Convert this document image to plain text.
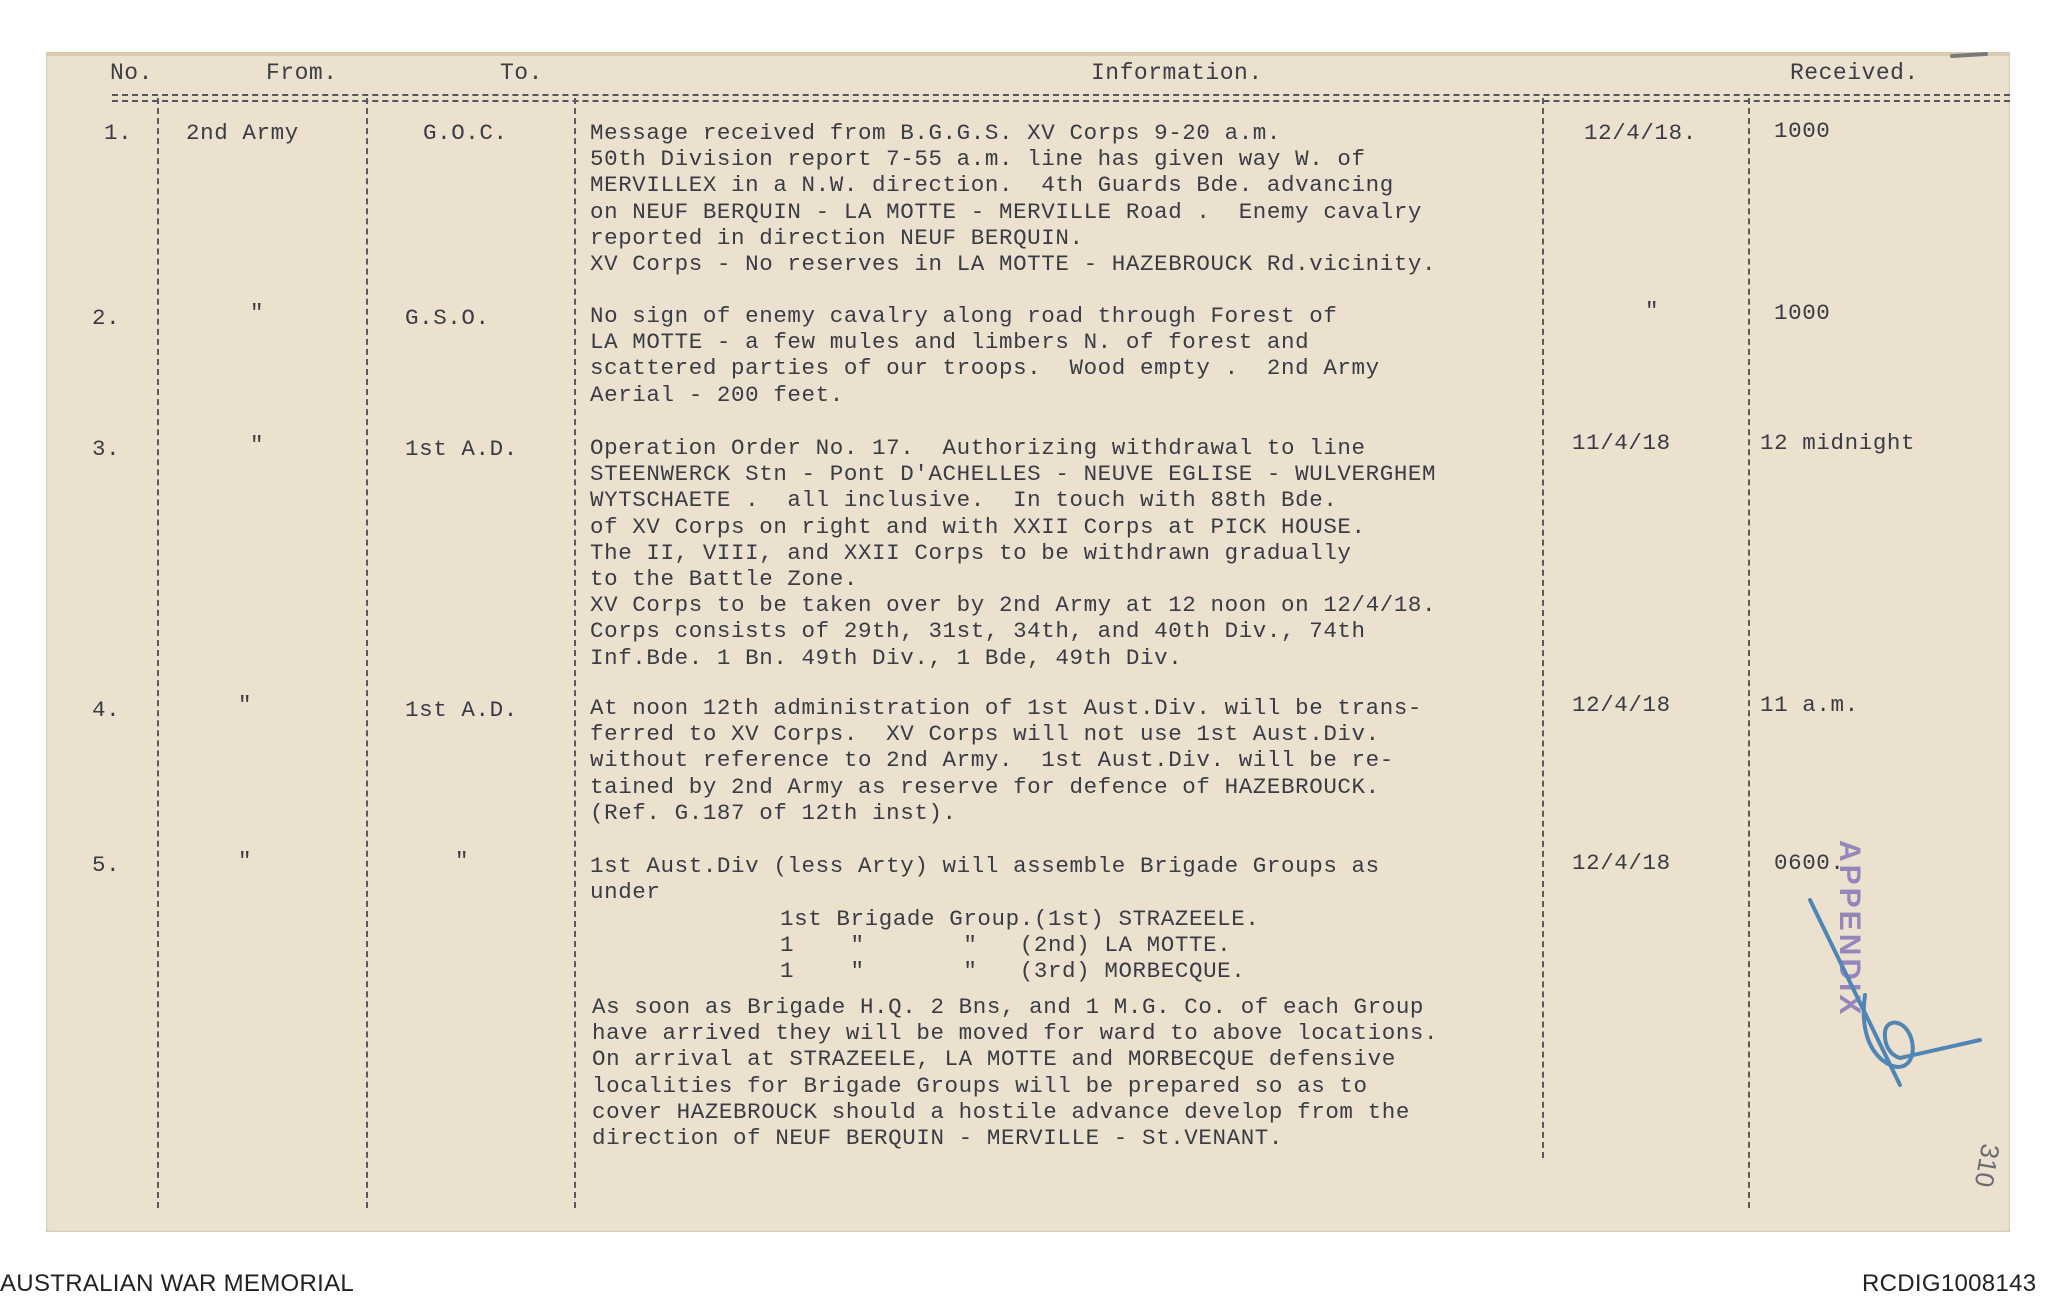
No.	From.	To.	Information.	Received.
1. 2nd Army	G.O.C.	Message received from B.G.G.S. XV Corps 9-20 a.m.
50th Division report 7-55 a.m. line has given way W. of
MERVILLEX in a N.W. direction.  4th Guards Bde. advancing
on NEUF BERQUIN - LA MOTTE - MERVILLE Road .  Enemy cavalry
reported in direction NEUF BERQUIN.
XV Corps - No reserves in LA MOTTE - HAZEBROUCK Rd.vicinity.
12/4/18.	1000
2.	"	G.S.O.	No sign of enemy cavalry along road through Forest of
LA MOTTE - a few mules and limbers N. of forest and
scattered parties of our troops.  Wood empty .  2nd Army
Aerial - 200 feet.
"	1000
3.	"	1st A.D.	Operation Order No. 17.  Authorizing withdrawal to line
STEENWERCK Stn - Pont D'ACHELLES - NEUVE EGLISE - WULVERGHEM
WYTSCHAETE .  all inclusive.  In touch with 88th Bde.
of XV Corps on right and with XXII Corps at PICK HOUSE.
The II, VIII, and XXII Corps to be withdrawn gradually
to the Battle Zone.
XV Corps to be taken over by 2nd Army at 12 noon on 12/4/18.
Corps consists of 29th, 31st, 34th, and 40th Div., 74th
Inf.Bde. 1 Bn. 49th Div., 1 Bde, 49th Div.
11/4/18	12 midnight
4.	"	1st A.D.	At noon 12th administration of 1st Aust.Div. will be trans-
ferred to XV Corps.  XV Corps will not use 1st Aust.Div.
without reference to 2nd Army.  1st Aust.Div. will be re-
tained by 2nd Army as reserve for defence of HAZEBROUCK.
(Ref. G.187 of 12th inst).
12/4/18	11 a.m.
5.	"	"	1st Aust.Div (less Arty) will assemble Brigade Groups as
under
1st Brigade Group.(1st) STRAZEELE.
1    "       "   (2nd) LA MOTTE.
1    "       "   (3rd) MORBECQUE.
As soon as Brigade H.Q. 2 Bns, and 1 M.G. Co. of each Group
have arrived they will be moved for ward to above locations.
On arrival at STRAZEELE, LA MOTTE and MORBECQUE defensive
localities for Brigade Groups will be prepared so as to
cover HAZEBROUCK should a hostile advance develop from the
direction of NEUF BERQUIN - MERVILLE - St.VENANT.
12/4/18	0600.
APPENDIX
16
310
AUSTRALIAN WAR MEMORIAL	RCDIG1008143
